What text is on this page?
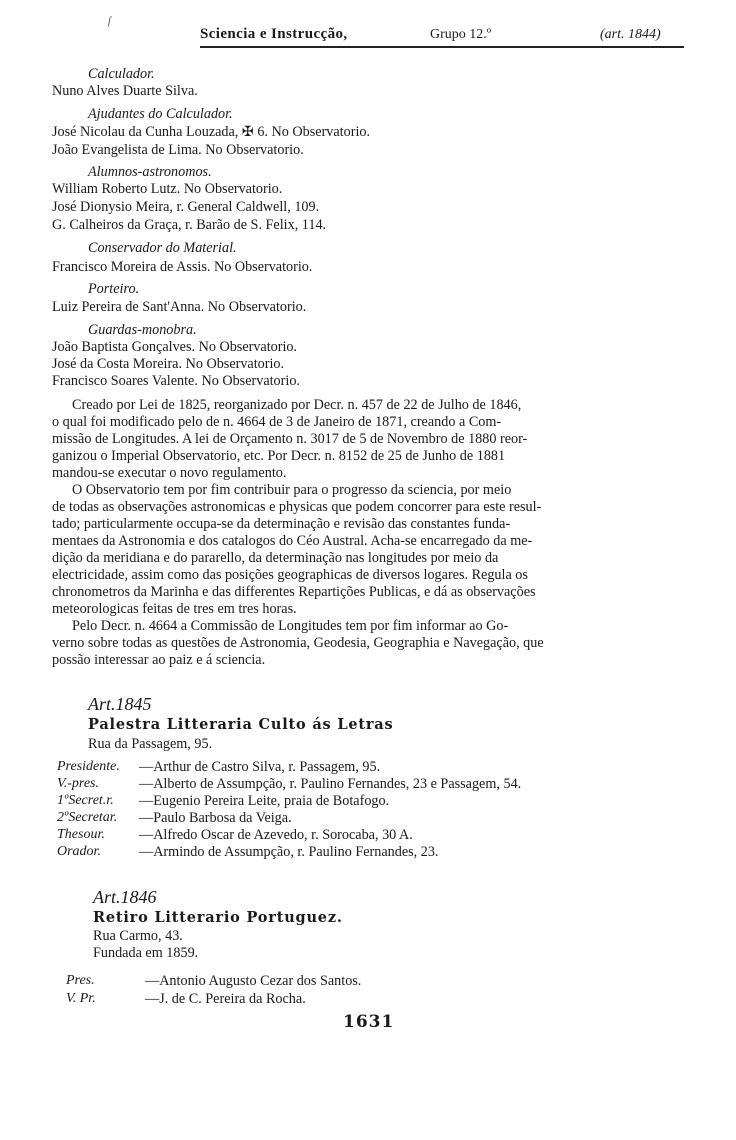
ſ
Sciencia e Instrucção,	Grupo 12.º	(art. 1844)
Calculador.
Nuno Alves Duarte Silva.
Ajudantes do Calculador.
José Nicolau da Cunha Louzada, ✠ 6. No Observatorio.
João Evangelista de Lima. No Observatorio.
Alumnos-astronomos.
William Roberto Lutz. No Observatorio.
José Dionysio Meira, r. General Caldwell, 109.
G. Calheiros da Graça, r. Barão de S. Felix, 114.
Conservador do Material.
Francisco Moreira de Assis. No Observatorio.
Porteiro.
Luiz Pereira de Sant'Anna. No Observatorio.
Guardas-monobra.
João Baptista Gonçalves. No Observatorio.
José da Costa Moreira. No Observatorio.
Francisco Soares Valente. No Observatorio.
Creado por Lei de 1825, reorganizado por Decr. n. 457 de 22 de Julho de 1846,
o qual foi modificado pelo de n. 4664 de 3 de Janeiro de 1871, creando a Com-
missão de Longitudes. A lei de Orçamento n. 3017 de 5 de Novembro de 1880 reor-
ganizou o Imperial Observatorio, etc. Por Decr. n. 8152 de 25 de Junho de 1881
mandou-se executar o novo regulamento.
O Observatorio tem por fim contribuir para o progresso da sciencia, por meio
de todas as observações astronomicas e physicas que podem concorrer para este resul-
tado; particularmente occupa-se da determinação e revisão das constantes funda-
mentaes da Astronomia e dos catalogos do Céo Austral. Acha-se encarregado da me-
dição da meridiana e do pararello, da determinação nas longitudes por meio da
electricidade, assim como das posições geographicas de diversos logares. Regula os
chronometros da Marinha e das differentes Repartições Publicas, e dá as observações
meteorologicas feitas de tres em tres horas.
Pelo Decr. n. 4664 a Commissão de Longitudes tem por fim informar ao Go-
verno sobre todas as questões de Astronomia, Geodesia, Geographia e Navegação, que
possão interessar ao paiz e á sciencia.
Art.1845
Palestra Litteraria Culto ás Letras
Rua da Passagem, 95.
Presidente. —Arthur de Castro Silva, r. Passagem, 95.
V.-pres.	—Alberto de Assumpção, r. Paulino Fernandes, 23 e Passagem, 54.
1ºSecret.r. —Eugenio Pereira Leite, praia de Botafogo.
2ºSecretar. —Paulo Barbosa da Veiga.
Thesour. —Alfredo Oscar de Azevedo, r. Sorocaba, 30 A.
Orador.	—Armindo de Assumpção, r. Paulino Fernandes, 23.
Art.1846
Retiro Litterario Portuguez.
Rua Carmo, 43.
Fundada em 1859.
Pres.	—Antonio Augusto Cezar dos Santos.
V. Pr.	—J. de C. Pereira da Rocha.
1631
